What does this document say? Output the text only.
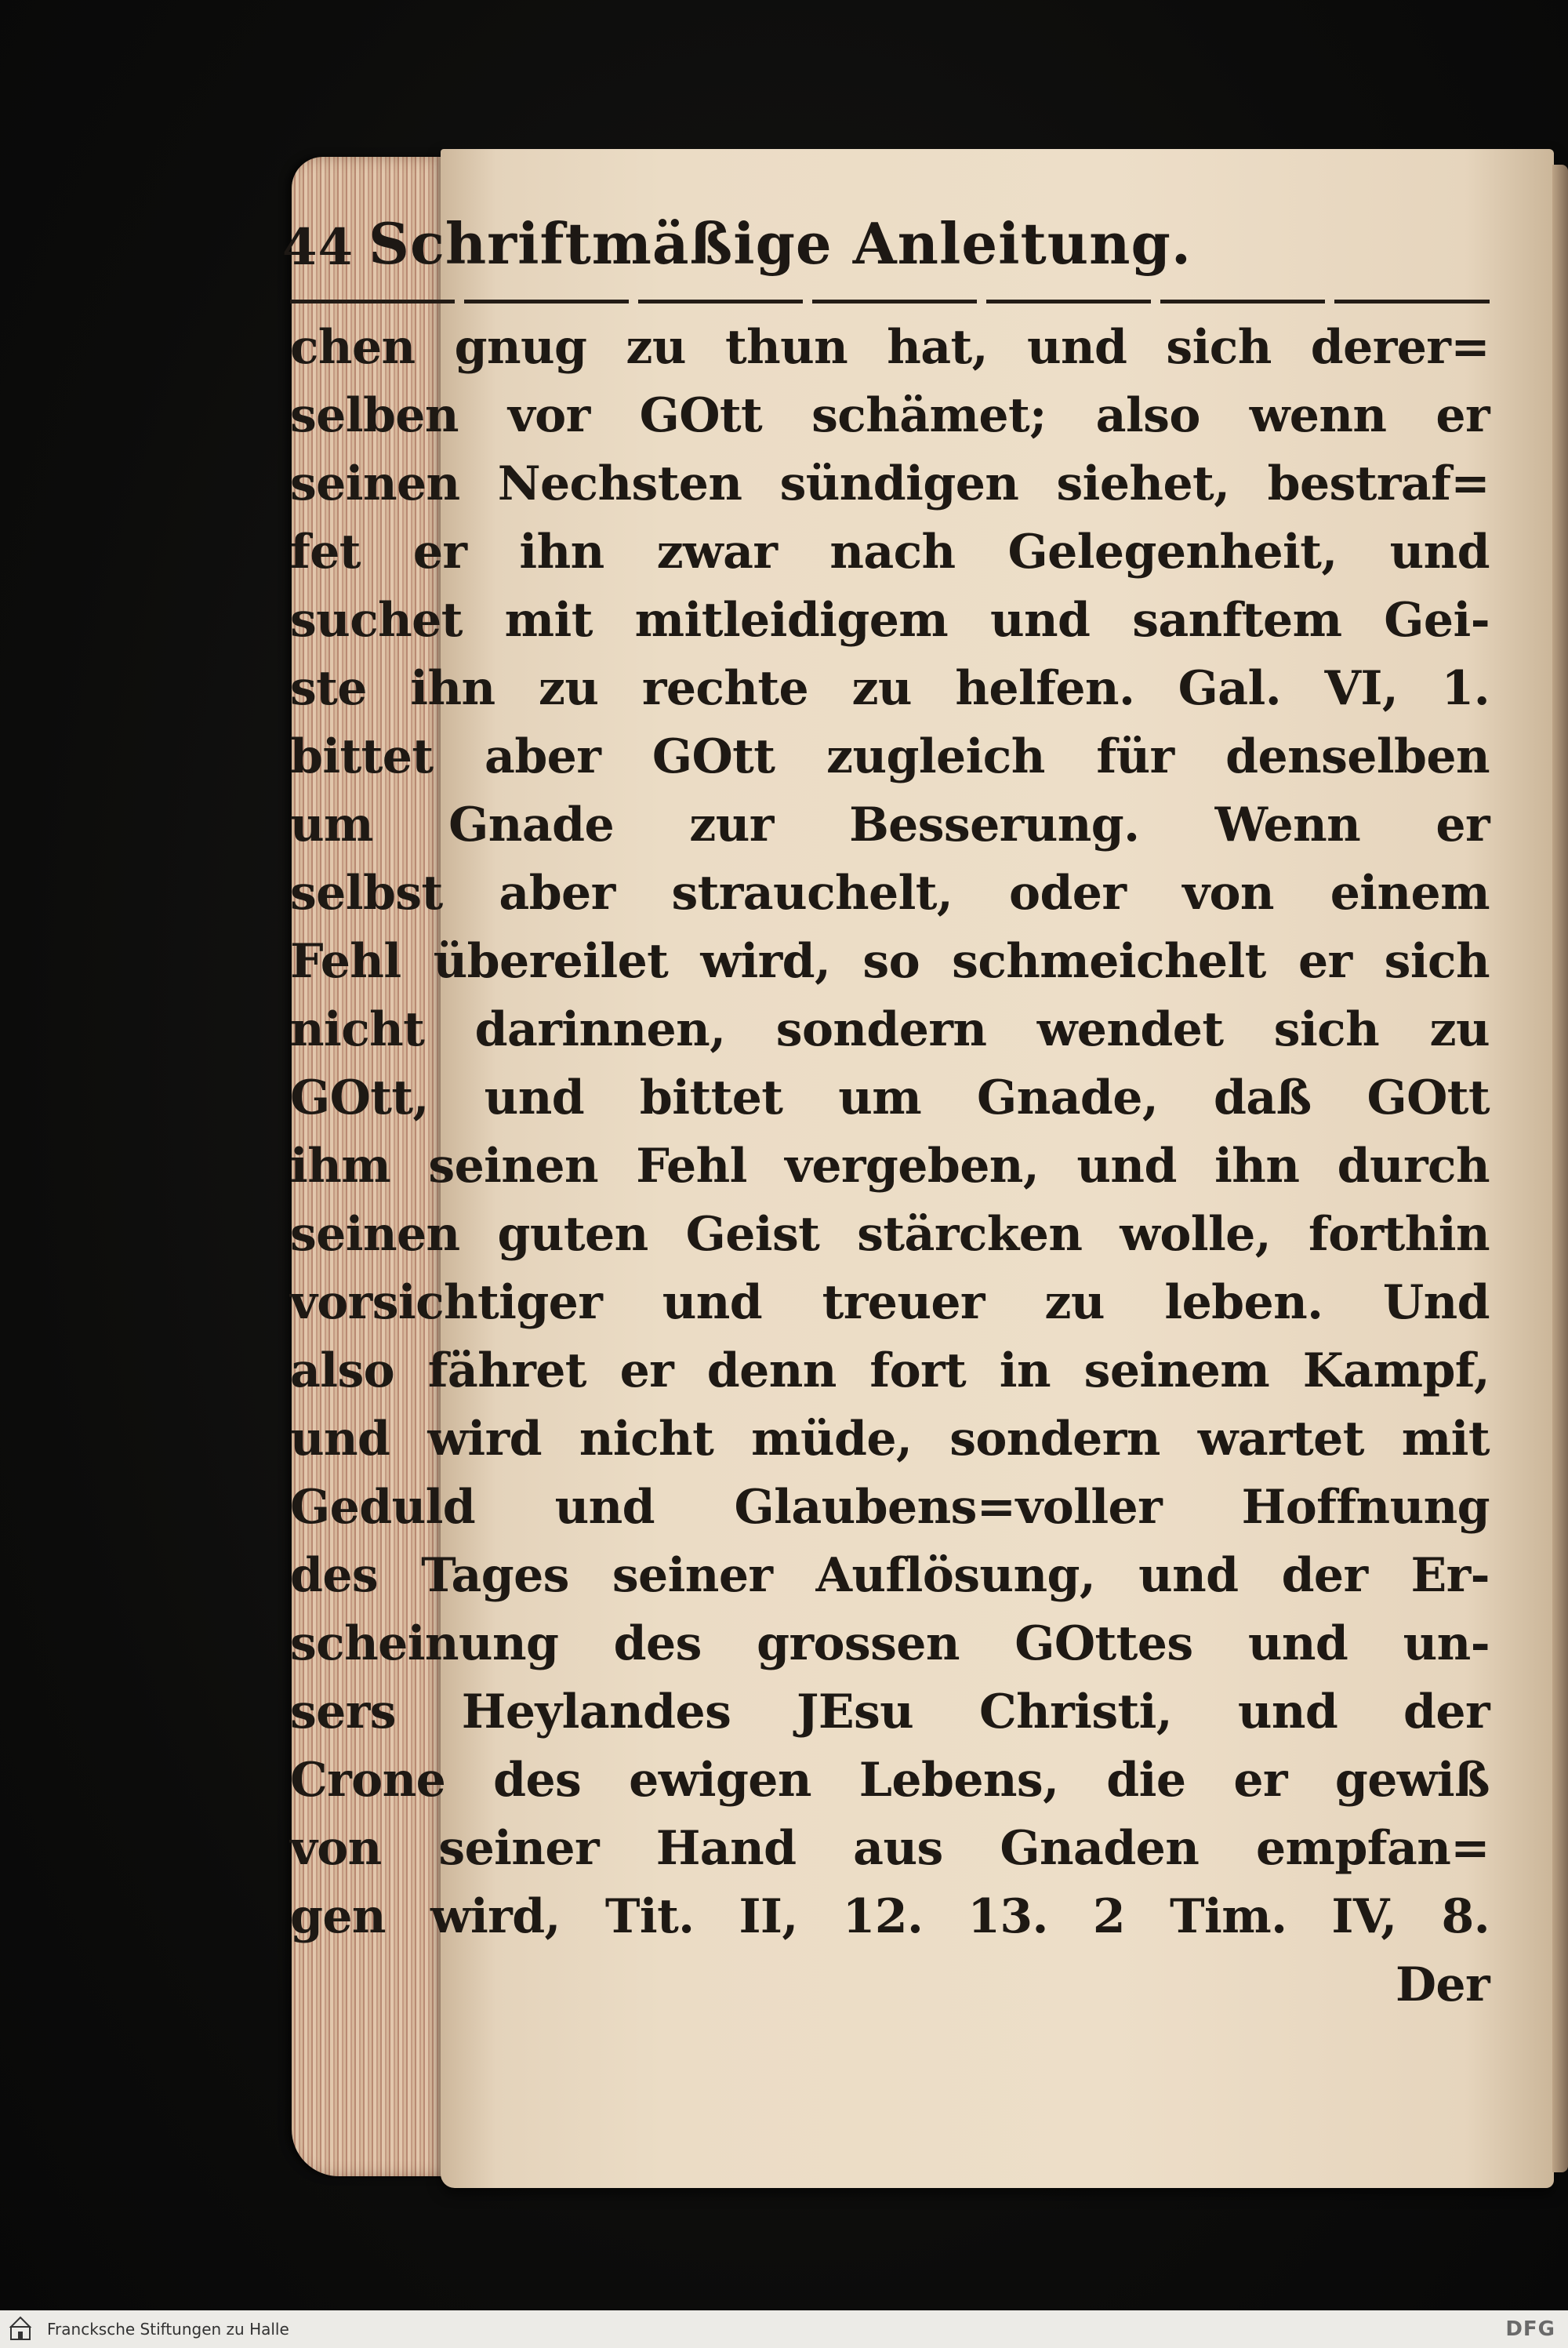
44 Schriftmäßige Anleitung.
chen gnug zu thun hat, und sich derer=
selben vor GOtt schämet; also wenn er
seinen Nechsten sündigen siehet, bestraf=
fet er ihn zwar nach Gelegenheit, und
suchet mit mitleidigem und sanftem Gei-
ste ihn zu rechte zu helfen. Gal. VI, 1.
bittet aber GOtt zugleich für denselben
um Gnade zur Besserung. Wenn er
selbst aber strauchelt, oder von einem
Fehl übereilet wird, so schmeichelt er sich
nicht darinnen, sondern wendet sich zu
GOtt, und bittet um Gnade, daß GOtt
ihm seinen Fehl vergeben, und ihn durch
seinen guten Geist stärcken wolle, forthin
vorsichtiger und treuer zu leben. Und
also fähret er denn fort in seinem Kampf,
und wird nicht müde, sondern wartet mit
Geduld und Glaubens=voller Hoffnung
des Tages seiner Auflösung, und der Er-
scheinung des grossen GOttes und un-
sers Heylandes JEsu Christi, und der
Crone des ewigen Lebens, die er gewiß
von seiner Hand aus Gnaden empfan=
gen wird, Tit. II, 12. 13. 2 Tim. IV, 8.
Der
Francksche Stiftungen zu Halle	DFG
